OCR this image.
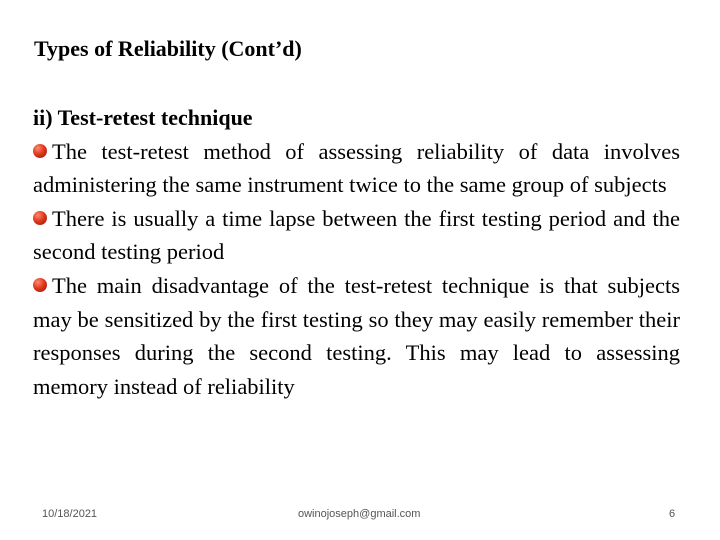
Types of Reliability (Cont’d)
ii) Test-retest technique
The test-retest method of assessing reliability of data involves administering the same instrument twice to the same group of subjects
There is usually a time lapse between the first testing period and the second testing period
The main disadvantage of the test-retest technique is that subjects may be sensitized by the first testing so they may easily remember their responses during the second testing. This may lead to assessing memory instead of reliability
10/18/2021	owinojoseph@gmail.com	6
